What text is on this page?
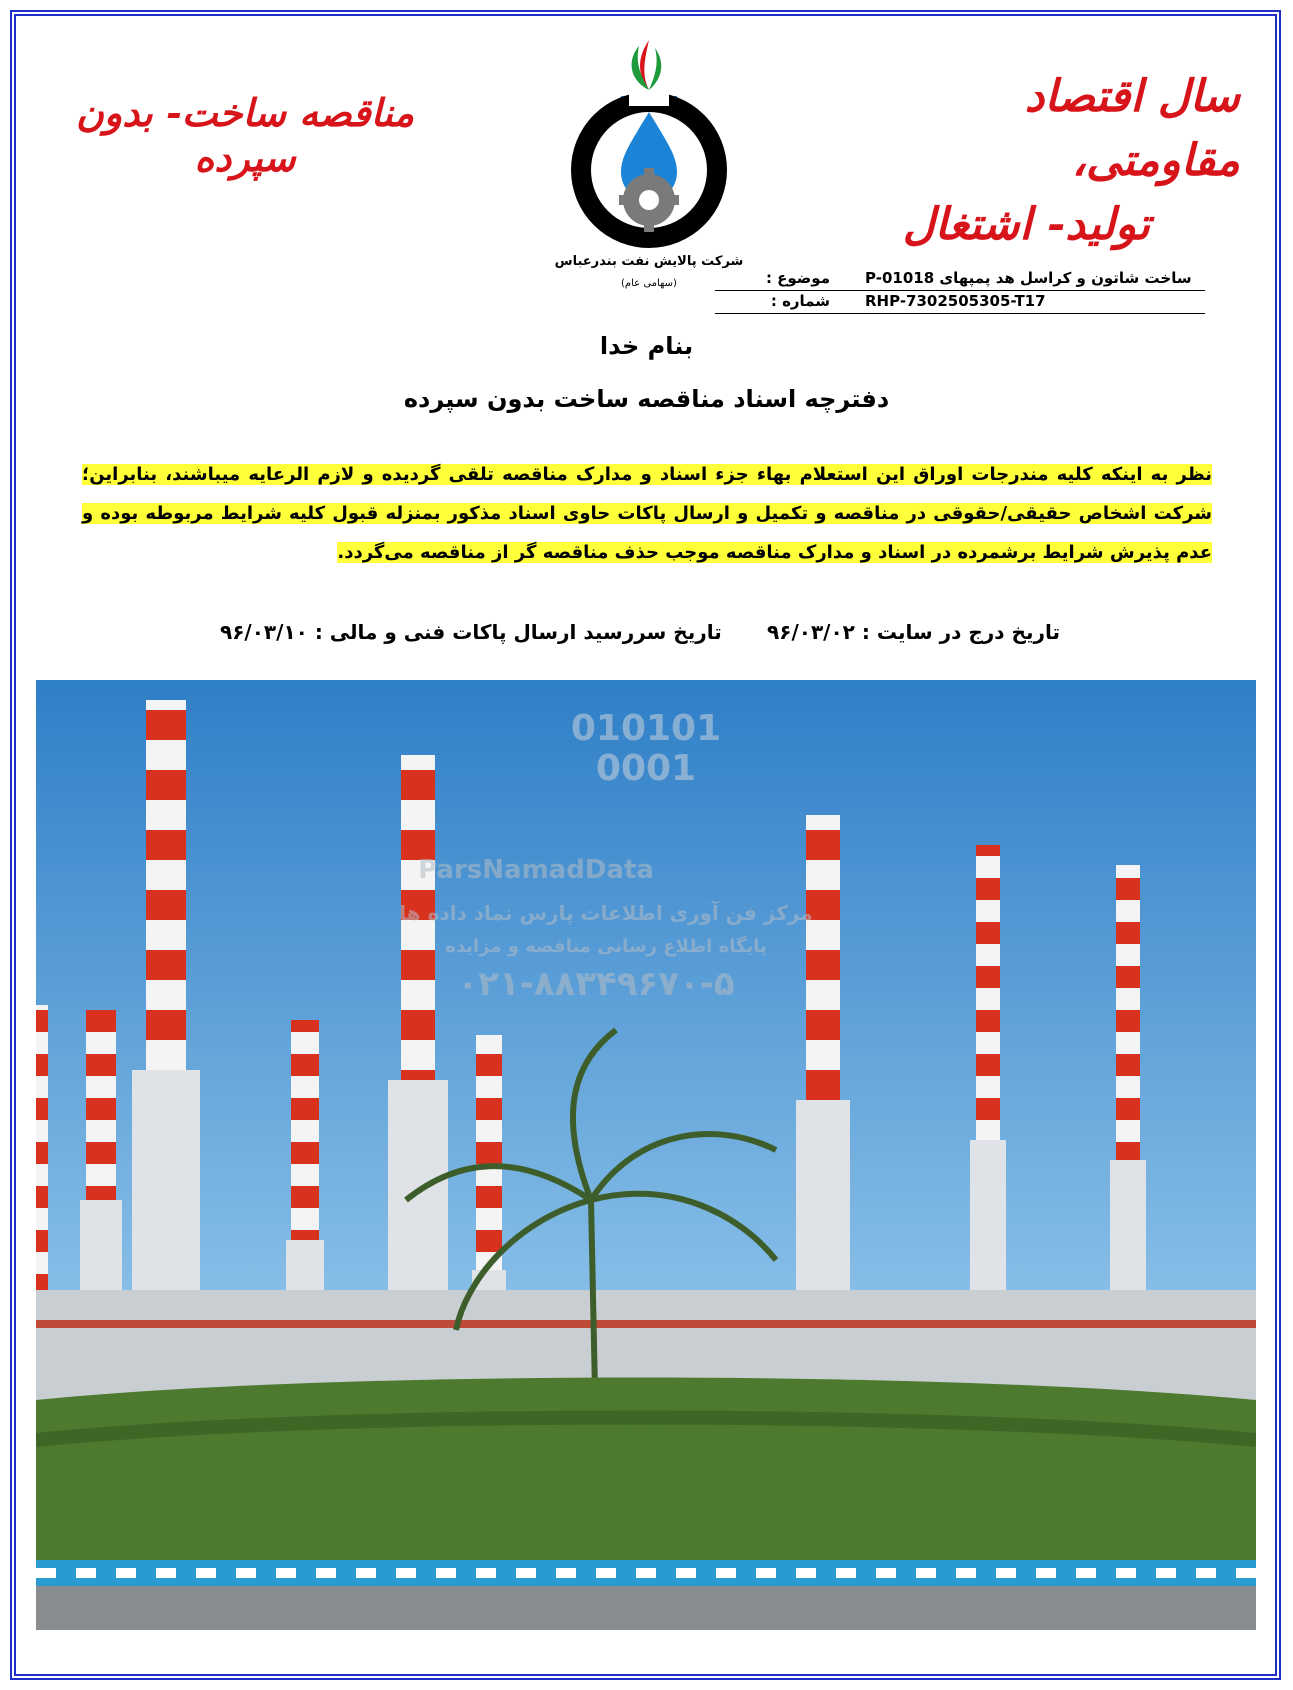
سال اقتصاد مقاومتی،
تولید- اشتغال
مناقصه ساخت- بدون سپرده
B.O.R.C
شرکت پالایش نفت بندرعباس
(سهامی عام)	P-01018 ساخت شاتون و کراسل هد پمپهای
موضوع :
RHP-7302505305-T17
شماره :
بنام خدا
دفترچه اسناد مناقصه ساخت بدون سپرده
نظر به اینکه کلیه مندرجات اوراق این استعلام بهاء جزء اسناد و مدارک مناقصه تلقی گردیده و لازم الرعایه میباشند، بنابراین؛ شرکت اشخاص حقیقی/حقوقی در مناقصه و تکمیل و ارسال پاکات حاوی اسناد مذکور بمنزله قبول کلیه شرایط مربوطه بوده و عدم پذیرش شرایط برشمرده در اسناد و مدارک مناقصه موجب حذف مناقصه گر از مناقصه می‌گردد.
تاریخ درج در سایت : ۹۶/۰۳/۰۲
تاریخ سررسید ارسال پاکات فنی و مالی : ۹۶/۰۳/۱۰
010101
0001
ParsNamadData
مرکز فن آوری اطلاعات پارس نماد داده ها
پایگاه اطلاع رسانی مناقصه و مزایده
۰۲۱-۸۸۳۴۹۶۷۰-۵
